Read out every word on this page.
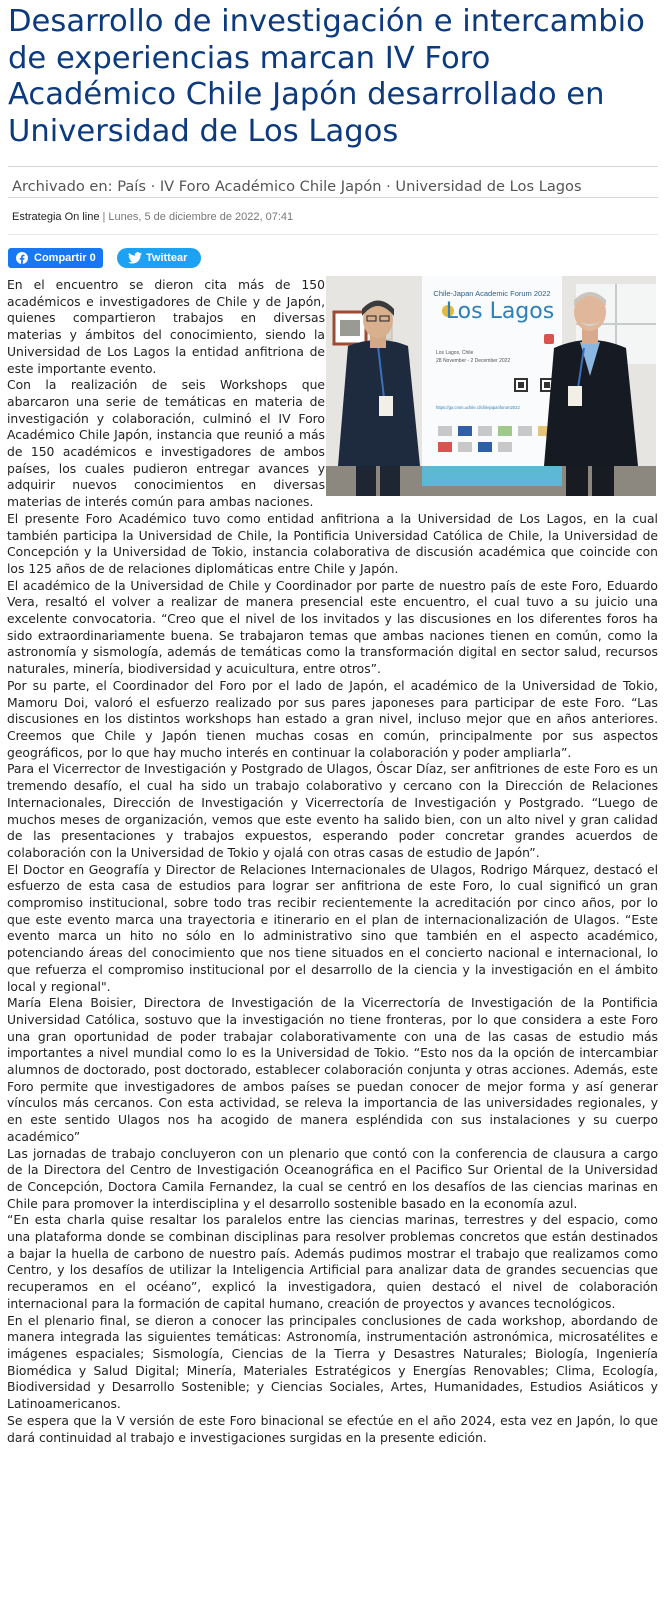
Desarrollo de investigación e intercambio de experiencias marcan IV Foro Académico Chile Japón desarrollado en Universidad de Los Lagos
Archivado en: País · IV Foro Académico Chile Japón · Universidad de Los Lagos
Estrategia On line | Lunes, 5 de diciembre de 2022, 07:41
Compartir 0	Twittear
Chile-Japan Academic Forum 2022
Los Lagos
Los Lagos, Chile
28 November - 2 December 2022
https://go.cmm.uchile.cl/chilejapanforum2022

En el encuentro se dieron cita más de 150 académicos e investigadores de Chile y de Japón, quienes compartieron trabajos en diversas materias y ámbitos del conocimiento, siendo la Universidad de Los Lagos la entidad anfitriona de este importante evento.

Con la realización de seis Workshops que abarcaron una serie de temáticas en materia de investigación y colaboración, culminó el IV Foro Académico Chile Japón, instancia que reunió a más de 150 académicos e investigadores de ambos países, los cuales pudieron entregar avances y adquirir nuevos conocimientos en diversas materias de interés común para ambas naciones.

El presente Foro Académico tuvo como entidad anfitriona a la Universidad de Los Lagos, en la cual también participa la Universidad de Chile, la Pontificia Universidad Católica de Chile, la Universidad de Concepción y la Universidad de Tokio, instancia colaborativa de discusión académica que coincide con los 125 años de de relaciones diplomáticas entre Chile y Japón.

El académico de la Universidad de Chile y Coordinador por parte de nuestro país de este Foro, Eduardo Vera, resaltó el volver a realizar de manera presencial este encuentro, el cual tuvo a su juicio una excelente convocatoria. “Creo que el nivel de los invitados y las discusiones en los diferentes foros ha sido extraordinariamente buena. Se trabajaron temas que ambas naciones tienen en común, como la astronomía y sismología, además de temáticas como la transformación digital en sector salud, recursos naturales, minería, biodiversidad y acuicultura, entre otros”.

Por su parte, el Coordinador del Foro por el lado de Japón, el académico de la Universidad de Tokio, Mamoru Doi, valoró el esfuerzo realizado por sus pares japoneses para participar de este Foro. “Las discusiones en los distintos workshops han estado a gran nivel, incluso mejor que en años anteriores. Creemos que Chile y Japón tienen muchas cosas en común, principalmente por sus aspectos geográficos, por lo que hay mucho interés en continuar la colaboración y poder ampliarla”.

Para el Vicerrector de Investigación y Postgrado de Ulagos, Óscar Díaz, ser anfitriones de este Foro es un tremendo desafío, el cual ha sido un trabajo colaborativo y cercano con la Dirección de Relaciones Internacionales, Dirección de Investigación y Vicerrectoría de Investigación y Postgrado. “Luego de muchos meses de organización, vemos que este evento ha salido bien, con un alto nivel y gran calidad de las presentaciones y trabajos expuestos, esperando poder concretar grandes acuerdos de colaboración con la Universidad de Tokio y ojalá con otras casas de estudio de Japón”.

El Doctor en Geografía y Director de Relaciones Internacionales de Ulagos, Rodrigo Márquez, destacó el esfuerzo de esta casa de estudios para lograr ser anfitriona de este Foro, lo cual significó un gran compromiso institucional, sobre todo tras recibir recientemente la acreditación por cinco años, por lo que este evento marca una trayectoria e itinerario en el plan de internacionalización de Ulagos. “Este evento marca un hito no sólo en lo administrativo sino que también en el aspecto académico, potenciando áreas del conocimiento que nos tiene situados en el concierto nacional e internacional, lo que refuerza el compromiso institucional por el desarrollo de la ciencia y la investigación en el ámbito local y regional".

María Elena Boisier, Directora de Investigación de la Vicerrectoría de Investigación de la Pontificia Universidad Católica, sostuvo que la investigación no tiene fronteras, por lo que considera a este Foro una gran oportunidad de poder trabajar colaborativamente con una de las casas de estudio más importantes a nivel mundial como lo es la Universidad de Tokio. “Esto nos da la opción de intercambiar alumnos de doctorado, post doctorado, establecer colaboración conjunta y otras acciones. Además, este Foro permite que investigadores de ambos países se puedan conocer de mejor forma y así generar vínculos más cercanos. Con esta actividad, se releva la importancia de las universidades regionales, y en este sentido Ulagos nos ha acogido de manera espléndida con sus instalaciones y su cuerpo académico”

Las jornadas de trabajo concluyeron con un plenario que contó con la conferencia de clausura a cargo de la Directora del Centro de Investigación Oceanográfica en el Pacifico Sur Oriental de la Universidad de Concepción, Doctora Camila Fernandez, la cual se centró en los desafíos de las ciencias marinas en Chile para promover la interdisciplina y el desarrollo sostenible basado en la economía azul.

“En esta charla quise resaltar los paralelos entre las ciencias marinas, terrestres y del espacio, como una plataforma donde se combinan disciplinas para resolver problemas concretos que están destinados a bajar la huella de carbono de nuestro país. Además pudimos mostrar el trabajo que realizamos como Centro, y los desafíos de utilizar la Inteligencia Artificial para analizar data de grandes secuencias que recuperamos en el océano”, explicó la investigadora, quien destacó el nivel de colaboración internacional para la formación de capital humano, creación de proyectos y avances tecnológicos.

En el plenario final, se dieron a conocer las principales conclusiones de cada workshop, abordando de manera integrada las siguientes temáticas: Astronomía, instrumentación astronómica, microsatélites e imágenes espaciales; Sismología, Ciencias de la Tierra y Desastres Naturales; Biología, Ingeniería Biomédica y Salud Digital; Minería, Materiales Estratégicos y Energías Renovables; Clima, Ecología, Biodiversidad y Desarrollo Sostenible; y Ciencias Sociales, Artes, Humanidades, Estudios Asiáticos y Latinoamericanos.

Se espera que la V versión de este Foro binacional se efectúe en el año 2024, esta vez en Japón, lo que dará continuidad al trabajo e investigaciones surgidas en la presente edición.
